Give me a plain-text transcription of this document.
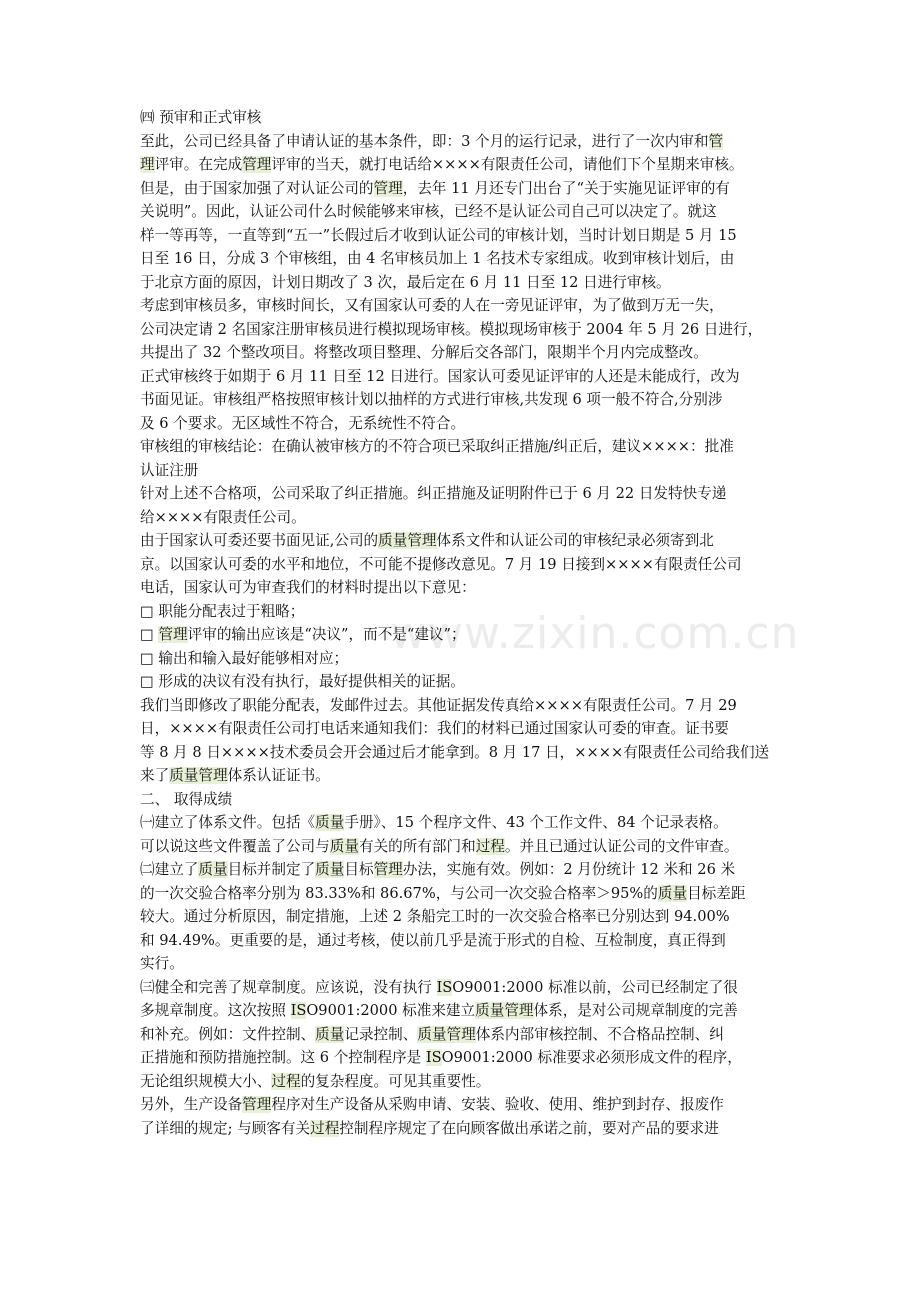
www.zixin.com.cn
㈣ 预审和正式审核
至此，公司已经具备了申请认证的基本条件，即：3 个月的运行记录，进行了一次内审和管
理评审。在完成管理评审的当天，就打电话给××××有限责任公司，请他们下个星期来审核。
但是，由于国家加强了对认证公司的管理，去年 11 月还专门出台了“关于实施见证评审的有
关说明”。因此，认证公司什么时候能够来审核，已经不是认证公司自己可以决定了。就这
样一等再等，一直等到“五一”长假过后才收到认证公司的审核计划，当时计划日期是 5 月 15
日至 16 日，分成 3 个审核组，由 4 名审核员加上 1 名技术专家组成。收到审核计划后，由
于北京方面的原因，计划日期改了 3 次，最后定在 6 月 11 日至 12 日进行审核。
考虑到审核员多，审核时间长，又有国家认可委的人在一旁见证评审，为了做到万无一失，
公司决定请 2 名国家注册审核员进行模拟现场审核。模拟现场审核于 2004 年 5 月 26 日进行，
共提出了 32 个整改项目。将整改项目整理、分解后交各部门，限期半个月内完成整改。
正式审核终于如期于 6 月 11 日至 12 日进行。国家认可委见证评审的人还是未能成行，改为
书面见证。审核组严格按照审核计划以抽样的方式进行审核,共发现 6 项一般不符合,分别涉
及 6 个要求。无区域性不符合，无系统性不符合。
审核组的审核结论：在确认被审核方的不符合项已采取纠正措施/纠正后，建议××××：批准
认证注册
针对上述不合格项，公司采取了纠正措施。纠正措施及证明附件已于 6 月 22 日发特快专递
给××××有限责任公司。
由于国家认可委还要书面见证,公司的质量管理体系文件和认证公司的审核纪录必须寄到北
京。以国家认可委的水平和地位，不可能不提修改意见。7 月 19 日接到××××有限责任公司
电话，国家认可为审查我们的材料时提出以下意见：
□ 职能分配表过于粗略；
□ 管理评审的输出应该是“决议”，而不是“建议”；
□ 输出和输入最好能够相对应；
□ 形成的决议有没有执行，最好提供相关的证据。
我们当即修改了职能分配表，发邮件过去。其他证据发传真给××××有限责任公司。7 月 29
日，××××有限责任公司打电话来通知我们：我们的材料已通过国家认可委的审查。证书要
等 8 月 8 日××××技术委员会开会通过后才能拿到。8 月 17 日，××××有限责任公司给我们送
来了质量管理体系认证证书。
二、 取得成绩
㈠建立了体系文件。包括《质量手册》、15 个程序文件、43 个工作文件、84 个记录表格。
可以说这些文件覆盖了公司与质量有关的所有部门和过程。并且已通过认证公司的文件审查。
㈡建立了质量目标并制定了质量目标管理办法，实施有效。例如：2 月份统计 12 米和 26 米
的一次交验合格率分别为 83.33%和 86.67%，与公司一次交验合格率＞95%的质量目标差距
较大。通过分析原因，制定措施，上述 2 条船完工时的一次交验合格率已分别达到 94.00%
和 94.49%。更重要的是，通过考核，使以前几乎是流于形式的自检、互检制度，真正得到
实行。
㈢健全和完善了规章制度。应该说，没有执行 ISO9001:2000 标准以前，公司已经制定了很
多规章制度。这次按照 ISO9001:2000 标准来建立质量管理体系，是对公司规章制度的完善
和补充。例如：文件控制、质量记录控制、质量管理体系内部审核控制、不合格品控制、纠
正措施和预防措施控制。这 6 个控制程序是 ISO9001:2000 标准要求必须形成文件的程序，
无论组织规模大小、过程的复杂程度。可见其重要性。
另外，生产设备管理程序对生产设备从采购申请、安装、验收、使用、维护到封存、报废作
了详细的规定; 与顾客有关过程控制程序规定了在向顾客做出承诺之前，要对产品的要求进
